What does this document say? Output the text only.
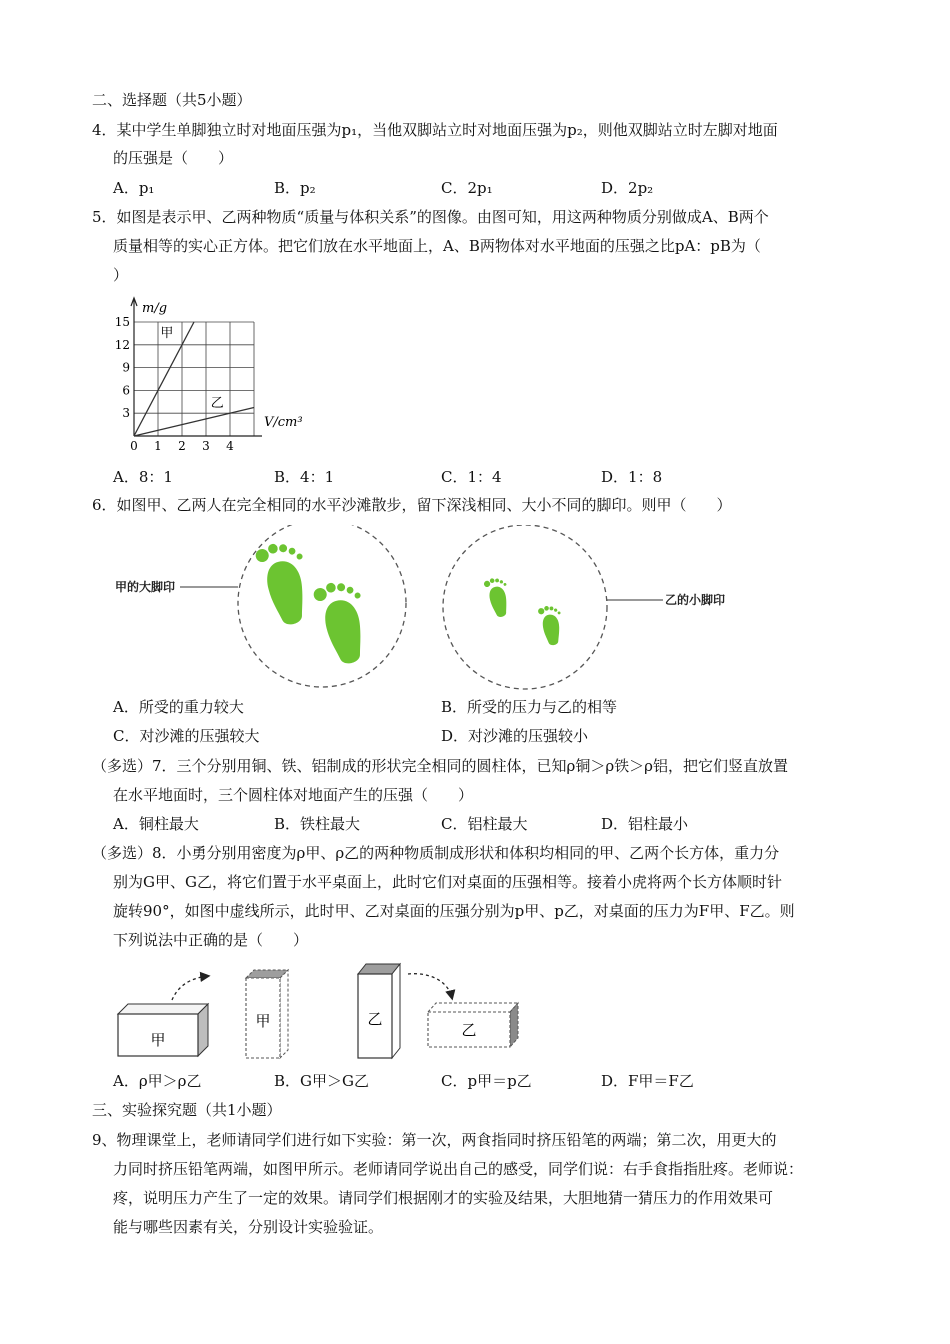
二、选择题（共5小题）
4．某中学生单脚独立时对地面压强为p₁，当他双脚站立时对地面压强为p₂，则他双脚站立时左脚对地面
的压强是（　　）
A．p₁	B．p₂	C．2p₁	D．2p₂
5．如图是表示甲、乙两种物质“质量与体积关系”的图像。由图可知，用这两种物质分别做成A、B两个
质量相等的实心正方体。把它们放在水平地面上，A、B两物体对水平地面的压强之比pA：pB为（
）
0 1 2 3 4
3
6
9
12
15
m/g
V/cm³
甲
乙
A．8：1	B．4：1	C．1：4	D．1：8
6．如图甲、乙两人在完全相同的水平沙滩散步，留下深浅相同、大小不同的脚印。则甲（　　）
甲的大脚印
乙的小脚印
A．所受的重力较大	B．所受的压力与乙的相等
C．对沙滩的压强较大	D．对沙滩的压强较小
（多选）7．三个分别用铜、铁、铝制成的形状完全相同的圆柱体，已知ρ铜＞ρ铁＞ρ铝，把它们竖直放置
在水平地面时，三个圆柱体对地面产生的压强（　　）
A．铜柱最大	B．铁柱最大	C．铝柱最大	D．铝柱最小
（多选）8．小勇分别用密度为ρ甲、ρ乙的两种物质制成形状和体积均相同的甲、乙两个长方体，重力分
别为G甲、G乙，将它们置于水平桌面上，此时它们对桌面的压强相等。接着小虎将两个长方体顺时针
旋转90°，如图中虚线所示，此时甲、乙对桌面的压强分别为p甲、p乙，对桌面的压力为F甲、F乙。则
下列说法中正确的是（　　）
甲
甲	乙
乙
A．ρ甲＞ρ乙	B．G甲＞G乙	C．p甲＝p乙	D．F甲＝F乙
三、实验探究题（共1小题）
9、物理课堂上，老师请同学们进行如下实验：第一次，两食指同时挤压铅笔的两端；第二次，用更大的
力同时挤压铅笔两端，如图甲所示。老师请同学说出自己的感受，同学们说：右手食指指肚疼。老师说：
疼，说明压力产生了一定的效果。请同学们根据刚才的实验及结果，大胆地猜一猜压力的作用效果可
能与哪些因素有关，分别设计实验验证。
